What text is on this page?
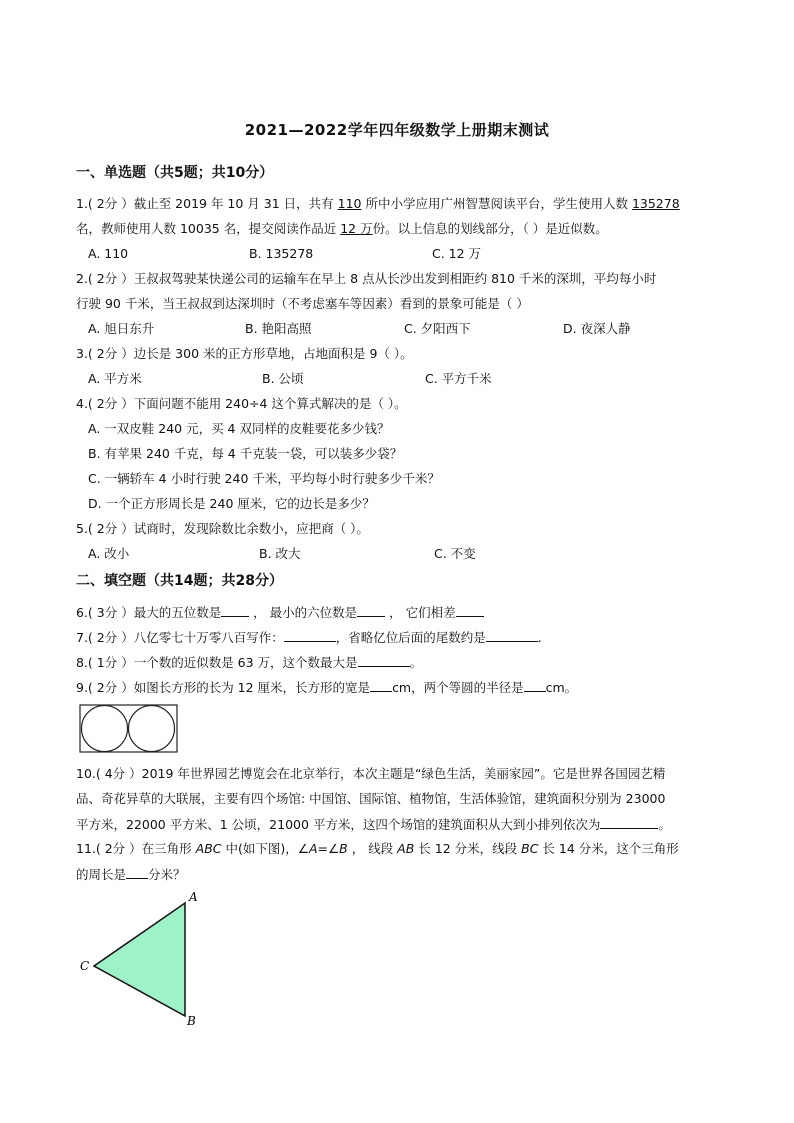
2021—2022学年四年级数学上册期末测试
一、单选题（共5题；共10分）
1.( 2分 ）截止至 2019 年 10 月 31 日，共有 110 所中小学应用广州智慧阅读平台，学生使用人数 135278
名，教师使用人数 10035 名，提交阅读作品近 12 万份。以上信息的划线部分，（ ）是近似数。
A. 110	B. 135278	C. 12 万
2.( 2分 ）王叔叔驾驶某快递公司的运输车在早上 8 点从长沙出发到相距约 810 千米的深圳，平均每小时
行驶 90 千米，当王叔叔到达深圳时（不考虑塞车等因素）看到的景象可能是（ ）
A. 旭日东升	B. 艳阳高照	C. 夕阳西下	D. 夜深人静
3.( 2分 ）边长是 300 米的正方形草地，占地面积是 9（ ）。
A. 平方米	B. 公顷	C. 平方千米
4.( 2分 ）下面问题不能用 240÷4 这个算式解决的是（ ）。
A. 一双皮鞋 240 元，买 4 双同样的皮鞋要花多少钱？
B. 有苹果 240 千克，每 4 千克装一袋，可以装多少袋？
C. 一辆轿车 4 小时行驶 240 千米，平均每小时行驶多少千米？
D. 一个正方形周长是 240 厘米，它的边长是多少？
5.( 2分 ）试商时，发现除数比余数小，应把商（ ）。
A. 改小	B. 改大	C. 不变
二、填空题（共14题；共28分）
6.( 3分 ）最大的五位数是 ， 最小的六位数是 ， 它们相差
7.( 2分 ）八亿零七十万零八百写作：	，省略亿位后面的尾数约是	.
8.( 1分 ）一个数的近似数是 63 万，这个数最大是	。
9.( 2分 ）如图长方形的长为 12 厘米，长方形的宽是 cm，两个等圆的半径是 cm。
10.( 4分 ）2019 年世界园艺博览会在北京举行，本次主题是“绿色生活，美丽家园”。它是世界各国园艺精
品、奇花异草的大联展，主要有四个场馆: 中国馆、国际馆、植物馆，生活体验馆，建筑面积分别为 23000
平方米，22000 平方米、1 公顷，21000 平方米，这四个场馆的建筑面积从大到小排列依次为	。
11.( 2分 ）在三角形 ABC 中(如下图)，∠A=∠B ， 线段 AB 长 12 分米，线段 BC 长 14 分米，这个三角形
的周长是 分米？
A
B
C
